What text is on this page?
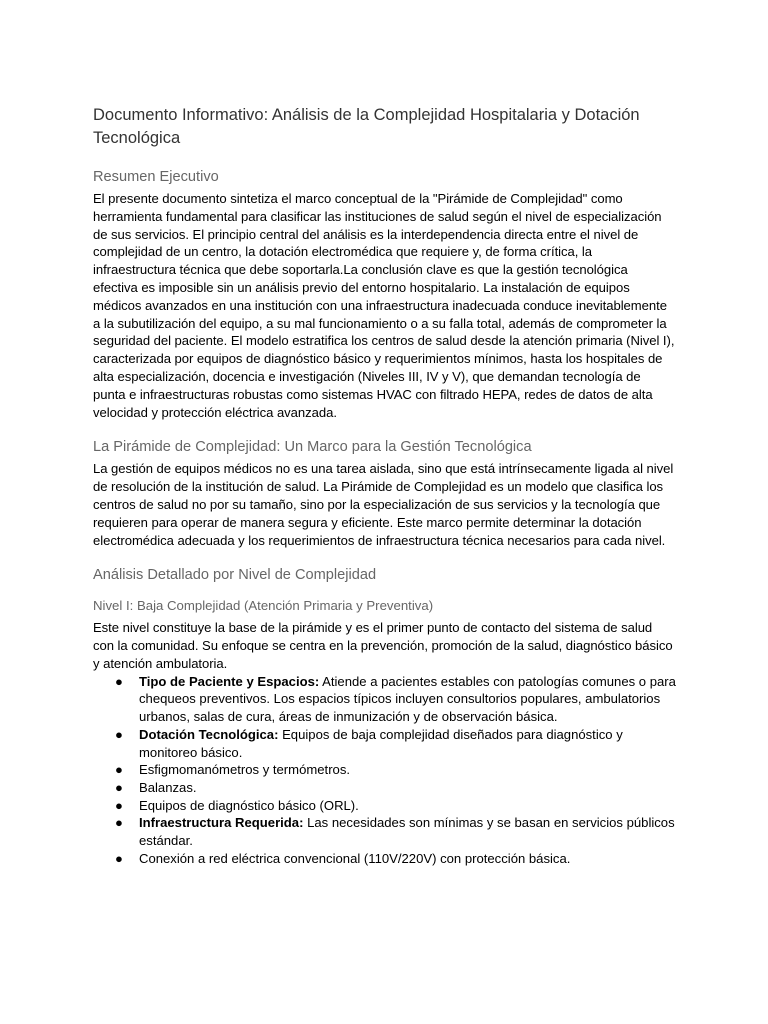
Documento Informativo: Análisis de la Complejidad Hospitalaria y Dotación Tecnológica
Resumen Ejecutivo

El presente documento sintetiza el marco conceptual de la "Pirámide de Complejidad" como herramienta fundamental para clasificar las instituciones de salud según el nivel de especialización de sus servicios. El principio central del análisis es la interdependencia directa entre el nivel de complejidad de un centro, la dotación electromédica que requiere y, de forma crítica, la infraestructura técnica que debe soportarla.La conclusión clave es que la gestión tecnológica efectiva es imposible sin un análisis previo del entorno hospitalario. La instalación de equipos médicos avanzados en una institución con una infraestructura inadecuada conduce inevitablemente a la subutilización del equipo, a su mal funcionamiento o a su falla total, además de comprometer la seguridad del paciente. El modelo estratifica los centros de salud desde la atención primaria (Nivel I), caracterizada por equipos de diagnóstico básico y requerimientos mínimos, hasta los hospitales de alta especialización, docencia e investigación (Niveles III, IV y V), que demandan tecnología de punta e infraestructuras robustas como sistemas HVAC con filtrado HEPA, redes de datos de alta velocidad y protección eléctrica avanzada.

La Pirámide de Complejidad: Un Marco para la Gestión Tecnológica

La gestión de equipos médicos no es una tarea aislada, sino que está intrínsecamente ligada al nivel de resolución de la institución de salud. La Pirámide de Complejidad es un modelo que clasifica los centros de salud no por su tamaño, sino por la especialización de sus servicios y la tecnología que requieren para operar de manera segura y eficiente. Este marco permite determinar la dotación electromédica adecuada y los requerimientos de infraestructura técnica necesarios para cada nivel.

Análisis Detallado por Nivel de Complejidad
Nivel I: Baja Complejidad (Atención Primaria y Preventiva)

Este nivel constituye la base de la pirámide y es el primer punto de contacto del sistema de salud con la comunidad. Su enfoque se centra en la prevención, promoción de la salud, diagnóstico básico y atención ambulatoria.

● Tipo de Paciente y Espacios: Atiende a pacientes estables con patologías comunes o para chequeos preventivos. Los espacios típicos incluyen consultorios populares, ambulatorios urbanos, salas de cura, áreas de inmunización y de observación básica.
● Dotación Tecnológica: Equipos de baja complejidad diseñados para diagnóstico y monitoreo básico.
● Esfigmomanómetros y termómetros.
● Balanzas.
● Equipos de diagnóstico básico (ORL).
● Infraestructura Requerida: Las necesidades son mínimas y se basan en servicios públicos estándar.
● Conexión a red eléctrica convencional (110V/220V) con protección básica.
